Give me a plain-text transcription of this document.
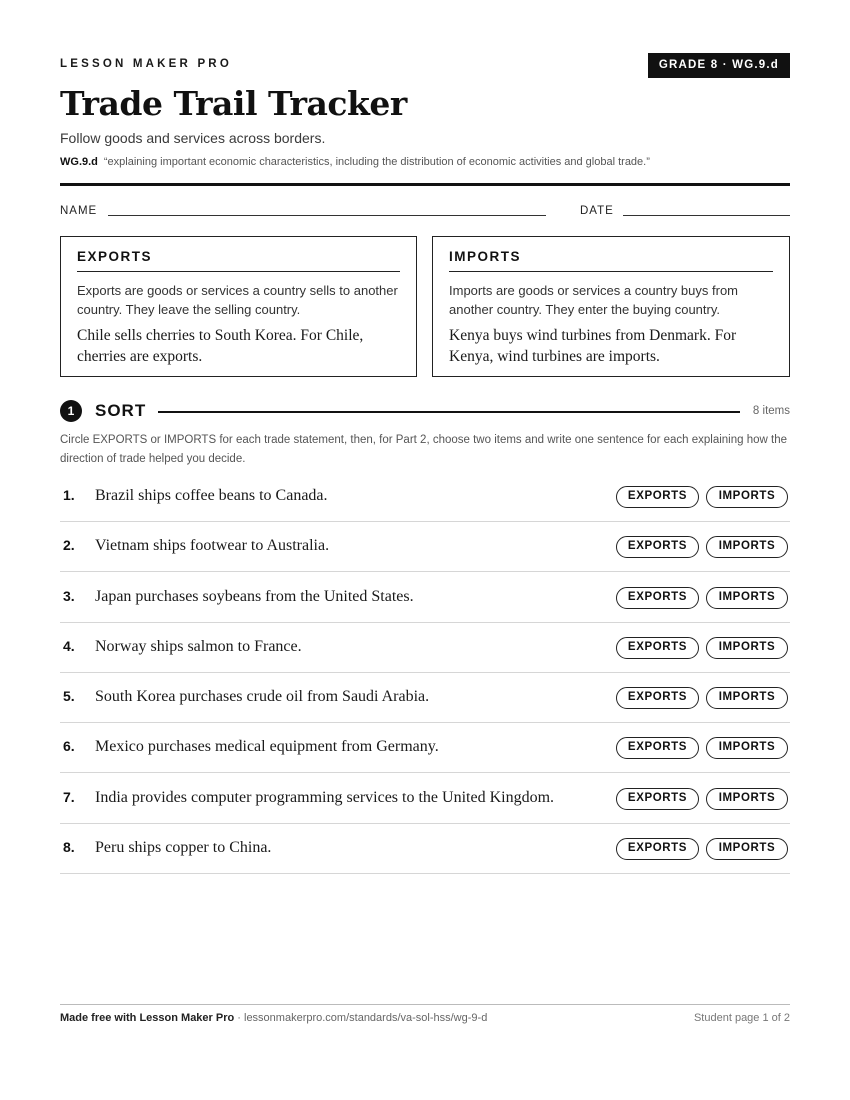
LESSON MAKER PRO	GRADE 8 · WG.9.d
Trade Trail Tracker
Follow goods and services across borders.
WG.9.d “explaining important economic characteristics, including the distribution of economic activities and global trade.”
NAME	DATE
EXPORTS

Exports are goods or services a country sells to another country. They leave the selling country.

Chile sells cherries to South Korea. For Chile, cherries are exports.

IMPORTS

Imports are goods or services a country buys from another country. They enter the buying country.

Kenya buys wind turbines from Denmark. For Kenya, wind turbines are imports.

1	SORT	8 items

Circle EXPORTS or IMPORTS for each trade statement, then, for Part 2, choose two items and write one sentence for each explaining how the direction of trade helped you decide.

1. Brazil ships coffee beans to Canada.	EXPORTS	IMPORTS
2. Vietnam ships footwear to Australia.	EXPORTS	IMPORTS
3. Japan purchases soybeans from the United States.	EXPORTS	IMPORTS
4. Norway ships salmon to France.	EXPORTS	IMPORTS
5. South Korea purchases crude oil from Saudi Arabia.	EXPORTS	IMPORTS
6. Mexico purchases medical equipment from Germany.	EXPORTS	IMPORTS
7. India provides computer programming services to the United Kingdom.	EXPORTS	IMPORTS
8. Peru ships copper to China.	EXPORTS	IMPORTS
Made free with Lesson Maker Pro · lessonmakerpro.com/standards/va-sol-hss/wg-9-d	Student page 1 of 2
